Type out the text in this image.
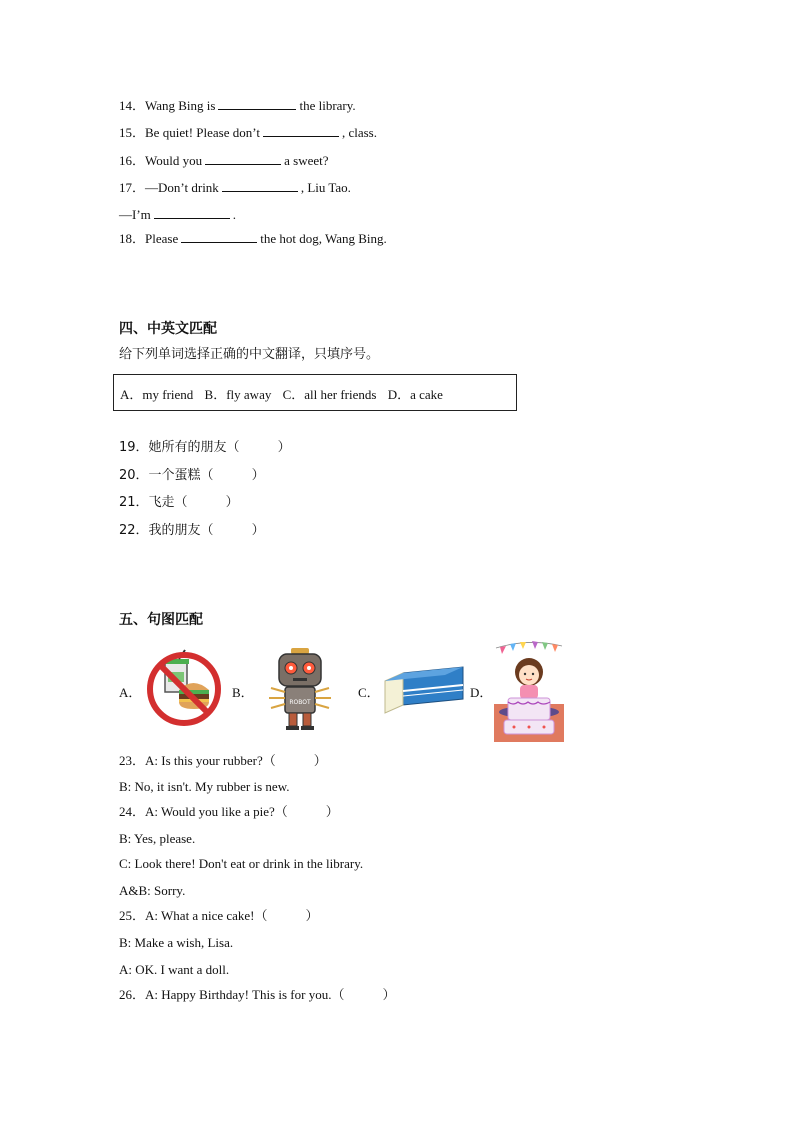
14．Wang Bing is	the library.
15．Be quiet! Please don’t	, class.
16．Would you	a sweet?
17．—Don’t drink	, Liu Tao.
—I’m	.
18．Please	the hot dog, Wang Bing.
四、中英文匹配
给下列单词选择正确的中文翻译，只填序号。
A．my friend B．fly away C．all her friends D．a cake
19．她所有的朋友（	）
20．一个蛋糕（	）
21．飞走（	）
22．我的朋友（	）
五、句图匹配
A．	B．
ROBOT
C．	D．
23．A: Is this your rubber?（	）
B: No, it isn't. My rubber is new.
24．A: Would you like a pie?（	）
B: Yes, please.
C: Look there! Don't eat or drink in the library.
A&B: Sorry.
25．A: What a nice cake!（	）
B: Make a wish, Lisa.
A: OK. I want a doll.
26．A: Happy Birthday! This is for you.（	）
